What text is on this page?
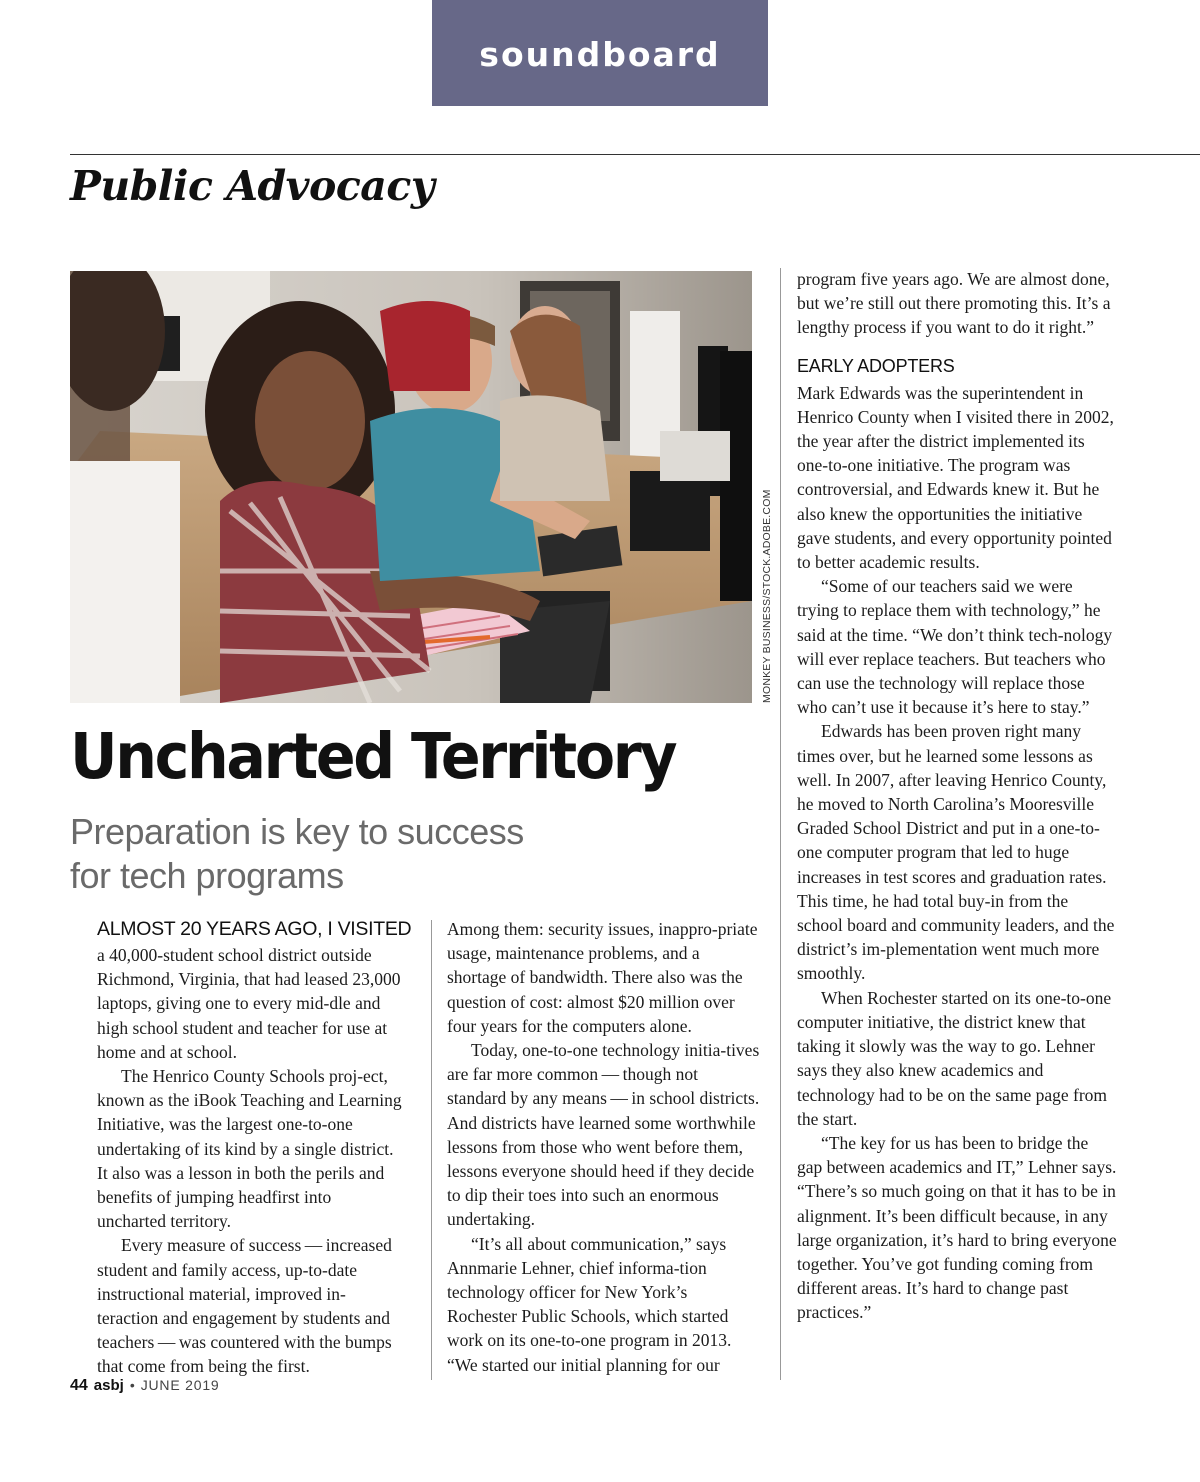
soundboard
Public Advocacy
MONKEY BUSINESS/STOCK.ADOBE.COM
Uncharted Territory
Preparation is key to success
for tech programs
ALMOST 20 YEARS AGO, I VISITED

a 40,000-student school district outside Richmond, Virginia, that had leased 23,000 laptops, giving one to every mid-dle and high school student and teacher for use at home and at school.

The Henrico County Schools proj-ect, known as the iBook Teaching and Learning Initiative, was the largest one-to-one undertaking of its kind by a single district. It also was a lesson in both the perils and benefits of jumping headfirst into uncharted territory.

Every measure of success — increased student and family access, up-to-date instructional material, improved in-teraction and engagement by students and teachers — was countered with the bumps that come from being the first.

Among them: security issues, inappro-priate usage, maintenance problems, and a shortage of bandwidth. There also was the question of cost: almost $20 million over four years for the computers alone.

Today, one-to-one technology initia-tives are far more common — though not standard by any means — in school districts. And districts have learned some worthwhile lessons from those who went before them, lessons everyone should heed if they decide to dip their toes into such an enormous undertaking.

“It’s all about communication,” says Annmarie Lehner, chief informa-tion technology officer for New York’s Rochester Public Schools, which started work on its one-to-one program in 2013. “We started our initial planning for our

program five years ago. We are almost done, but we’re still out there promoting this. It’s a lengthy process if you want to do it right.”

EARLY ADOPTERS

Mark Edwards was the superintendent in Henrico County when I visited there in 2002, the year after the district implemented its one-to-one initiative. The program was controversial, and Edwards knew it. But he also knew the opportunities the initiative gave students, and every opportunity pointed to better academic results.

“Some of our teachers said we were trying to replace them with technology,” he said at the time. “We don’t think tech-nology will ever replace teachers. But teachers who can use the technology will replace those who can’t use it because it’s here to stay.”

Edwards has been proven right many times over, but he learned some lessons as well. In 2007, after leaving Henrico County, he moved to North Carolina’s Mooresville Graded School District and put in a one-to-one computer program that led to huge increases in test scores and graduation rates. This time, he had total buy-in from the school board and community leaders, and the district’s im-plementation went much more smoothly.

When Rochester started on its one-to-one computer initiative, the district knew that taking it slowly was the way to go. Lehner says they also knew academics and technology had to be on the same page from the start.

“The key for us has been to bridge the gap between academics and IT,” Lehner says. “There’s so much going on that it has to be in alignment. It’s been difficult because, in any large organization, it’s hard to bring everyone together. You’ve got funding coming from different areas. It’s hard to change past practices.”

44 asbj • JUNE 2019
